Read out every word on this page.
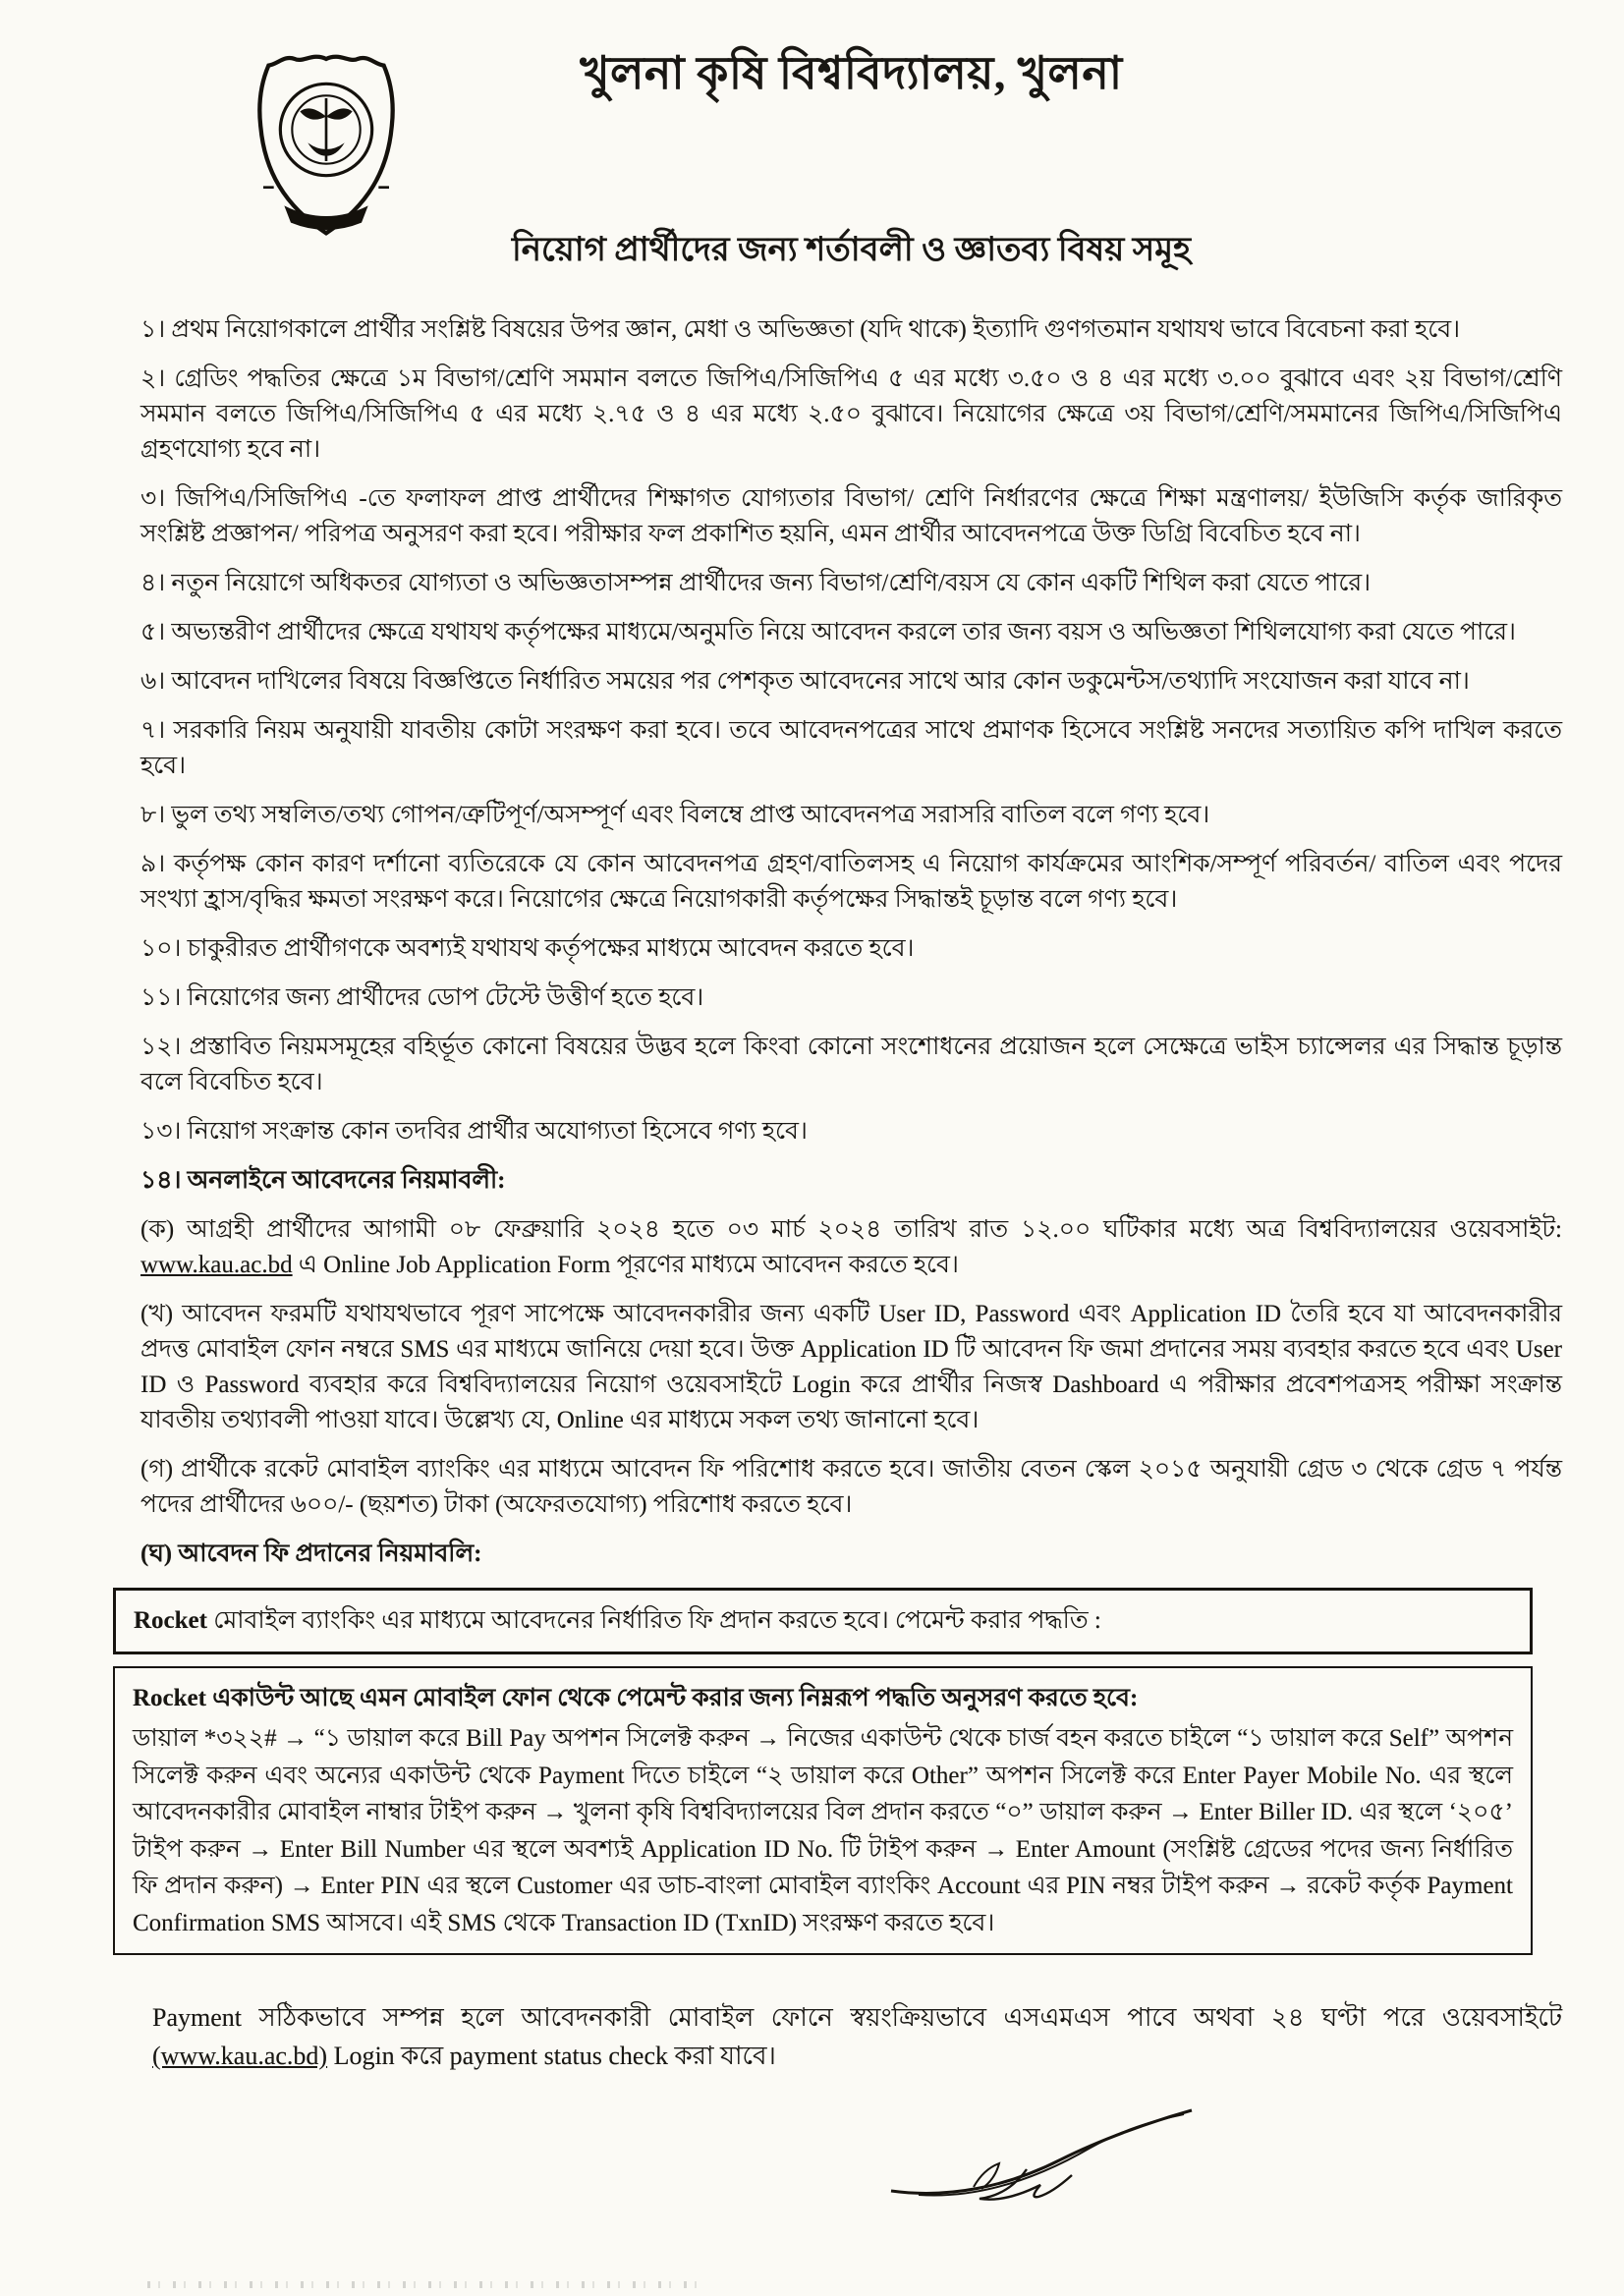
খুলনা কৃষি বিশ্ববিদ্যালয়, খুলনা
নিয়োগ প্রার্থীদের জন্য শর্তাবলী ও জ্ঞাতব্য বিষয় সমূহ

১। প্রথম নিয়োগকালে প্রার্থীর সংশ্লিষ্ট বিষয়ের উপর জ্ঞান, মেধা ও অভিজ্ঞতা (যদি থাকে) ইত্যাদি গুণগতমান যথাযথ ভাবে বিবেচনা করা হবে।

২। গ্রেডিং পদ্ধতির ক্ষেত্রে ১ম বিভাগ/শ্রেণি সমমান বলতে জিপিএ/সিজিপিএ ৫ এর মধ্যে ৩.৫০ ও ৪ এর মধ্যে ৩.০০ বুঝাবে এবং ২য় বিভাগ/শ্রেণি সমমান বলতে জিপিএ/সিজিপিএ ৫ এর মধ্যে ২.৭৫ ও ৪ এর মধ্যে ২.৫০ বুঝাবে। নিয়োগের ক্ষেত্রে ৩য় বিভাগ/শ্রেণি/সমমানের জিপিএ/সিজিপিএ গ্রহণযোগ্য হবে না।

৩। জিপিএ/সিজিপিএ -তে ফলাফল প্রাপ্ত প্রার্থীদের শিক্ষাগত যোগ্যতার বিভাগ/ শ্রেণি নির্ধারণের ক্ষেত্রে শিক্ষা মন্ত্রণালয়/ ইউজিসি কর্তৃক জারিকৃত সংশ্লিষ্ট প্রজ্ঞাপন/ পরিপত্র অনুসরণ করা হবে। পরীক্ষার ফল প্রকাশিত হয়নি, এমন প্রার্থীর আবেদনপত্রে উক্ত ডিগ্রি বিবেচিত হবে না।

৪। নতুন নিয়োগে অধিকতর যোগ্যতা ও অভিজ্ঞতাসম্পন্ন প্রার্থীদের জন্য বিভাগ/শ্রেণি/বয়স যে কোন একটি শিথিল করা যেতে পারে।

৫। অভ্যন্তরীণ প্রার্থীদের ক্ষেত্রে যথাযথ কর্তৃপক্ষের মাধ্যমে/অনুমতি নিয়ে আবেদন করলে তার জন্য বয়স ও অভিজ্ঞতা শিথিলযোগ্য করা যেতে পারে।

৬। আবেদন দাখিলের বিষয়ে বিজ্ঞপ্তিতে নির্ধারিত সময়ের পর পেশকৃত আবেদনের সাথে আর কোন ডকুমেন্টস/তথ্যাদি সংযোজন করা যাবে না।

৭। সরকারি নিয়ম অনুযায়ী যাবতীয় কোটা সংরক্ষণ করা হবে। তবে আবেদনপত্রের সাথে প্রমাণক হিসেবে সংশ্লিষ্ট সনদের সত্যায়িত কপি দাখিল করতে হবে।

৮। ভুল তথ্য সম্বলিত/তথ্য গোপন/ত্রুটিপূর্ণ/অসম্পূর্ণ এবং বিলম্বে প্রাপ্ত আবেদনপত্র সরাসরি বাতিল বলে গণ্য হবে।

৯। কর্তৃপক্ষ কোন কারণ দর্শানো ব্যতিরেকে যে কোন আবেদনপত্র গ্রহণ/বাতিলসহ এ নিয়োগ কার্যক্রমের আংশিক/সম্পূর্ণ পরিবর্তন/ বাতিল এবং পদের সংখ্যা হ্রাস/বৃদ্ধির ক্ষমতা সংরক্ষণ করে। নিয়োগের ক্ষেত্রে নিয়োগকারী কর্তৃপক্ষের সিদ্ধান্তই চূড়ান্ত বলে গণ্য হবে।

১০। চাকুরীরত প্রার্থীগণকে অবশ্যই যথাযথ কর্তৃপক্ষের মাধ্যমে আবেদন করতে হবে।

১১। নিয়োগের জন্য প্রার্থীদের ডোপ টেস্টে উত্তীর্ণ হতে হবে।

১২। প্রস্তাবিত নিয়মসমূহের বহির্ভূত কোনো বিষয়ের উদ্ভব হলে কিংবা কোনো সংশোধনের প্রয়োজন হলে সেক্ষেত্রে ভাইস চ্যান্সেলর এর সিদ্ধান্ত চূড়ান্ত বলে বিবেচিত হবে।

১৩। নিয়োগ সংক্রান্ত কোন তদবির প্রার্থীর অযোগ্যতা হিসেবে গণ্য হবে।

১৪। অনলাইনে আবেদনের নিয়মাবলী:

(ক) আগ্রহী প্রার্থীদের আগামী ০৮ ফেব্রুয়ারি ২০২৪ হতে ০৩ মার্চ ২০২৪ তারিখ রাত ১২.০০ ঘটিকার মধ্যে অত্র বিশ্ববিদ্যালয়ের ওয়েবসাইট: www.kau.ac.bd এ Online Job Application Form পূরণের মাধ্যমে আবেদন করতে হবে।

(খ) আবেদন ফরমটি যথাযথভাবে পূরণ সাপেক্ষে আবেদনকারীর জন্য একটি User ID, Password এবং Application ID তৈরি হবে যা আবেদনকারীর প্রদত্ত মোবাইল ফোন নম্বরে SMS এর মাধ্যমে জানিয়ে দেয়া হবে। উক্ত Application ID টি আবেদন ফি জমা প্রদানের সময় ব্যবহার করতে হবে এবং User ID ও Password ব্যবহার করে বিশ্ববিদ্যালয়ের নিয়োগ ওয়েবসাইটে Login করে প্রার্থীর নিজস্ব Dashboard এ পরীক্ষার প্রবেশপত্রসহ পরীক্ষা সংক্রান্ত যাবতীয় তথ্যাবলী পাওয়া যাবে। উল্লেখ্য যে, Online এর মাধ্যমে সকল তথ্য জানানো হবে।

(গ) প্রার্থীকে রকেট মোবাইল ব্যাংকিং এর মাধ্যমে আবেদন ফি পরিশোধ করতে হবে। জাতীয় বেতন স্কেল ২০১৫ অনুযায়ী গ্রেড ৩ থেকে গ্রেড ৭ পর্যন্ত পদের প্রার্থীদের ৬০০/- (ছয়শত) টাকা (অফেরতযোগ্য) পরিশোধ করতে হবে।

(ঘ) আবেদন ফি প্রদানের নিয়মাবলি:

Rocket মোবাইল ব্যাংকিং এর মাধ্যমে আবেদনের নির্ধারিত ফি প্রদান করতে হবে। পেমেন্ট করার পদ্ধতি :

Rocket একাউন্ট আছে এমন মোবাইল ফোন থেকে পেমেন্ট করার জন্য নিম্নরূপ পদ্ধতি অনুসরণ করতে হবে:

ডায়াল *৩২২# → “১ ডায়াল করে Bill Pay অপশন সিলেক্ট করুন → নিজের একাউন্ট থেকে চার্জ বহন করতে চাইলে “১ ডায়াল করে Self” অপশন সিলেক্ট করুন এবং অন্যের একাউন্ট থেকে Payment দিতে চাইলে “২ ডায়াল করে Other” অপশন সিলেক্ট করে Enter Payer Mobile No. এর স্থলে আবেদনকারীর মোবাইল নাম্বার টাইপ করুন → খুলনা কৃষি বিশ্ববিদ্যালয়ের বিল প্রদান করতে “০” ডায়াল করুন → Enter Biller ID. এর স্থলে ‘২০৫’ টাইপ করুন → Enter Bill Number এর স্থলে অবশ্যই Application ID No. টি টাইপ করুন → Enter Amount (সংশ্লিষ্ট গ্রেডের পদের জন্য নির্ধারিত ফি প্রদান করুন) → Enter PIN এর স্থলে Customer এর ডাচ-বাংলা মোবাইল ব্যাংকিং Account এর PIN নম্বর টাইপ করুন → রকেট কর্তৃক Payment Confirmation SMS আসবে। এই SMS থেকে Transaction ID (TxnID) সংরক্ষণ করতে হবে।

Payment সঠিকভাবে সম্পন্ন হলে আবেদনকারী মোবাইল ফোনে স্বয়ংক্রিয়ভাবে এসএমএস পাবে অথবা ২৪ ঘণ্টা পরে ওয়েবসাইটে (www.kau.ac.bd) Login করে payment status check করা যাবে।
